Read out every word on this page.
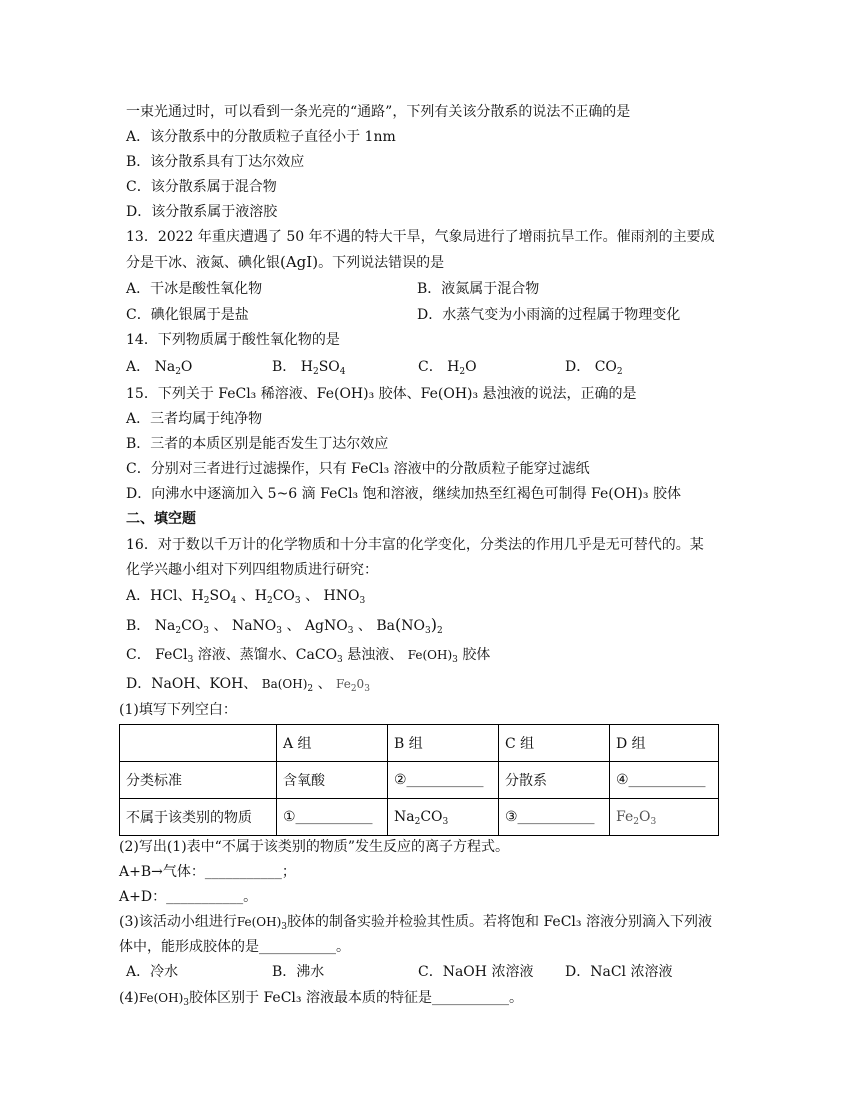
一束光通过时，可以看到一条光亮的“通路”，下列有关该分散系的说法不正确的是
A．该分散系中的分散质粒子直径小于 1nm
B．该分散系具有丁达尔效应
C．该分散系属于混合物
D．该分散系属于液溶胶
13．2022 年重庆遭遇了 50 年不遇的特大干旱，气象局进行了增雨抗旱工作。催雨剂的主要成
分是干冰、液氮、碘化银(AgI)。下列说法错误的是
A．干冰是酸性氧化物	B．液氮属于混合物
C．碘化银属于是盐	D．水蒸气变为小雨滴的过程属于物理变化
14．下列物质属于酸性氧化物的是
A． $Na_2O$	B． $H_2SO_4$	C． $H_2O$	D． $CO_2$
15．下列关于 FeCl₃ 稀溶液、Fe(OH)₃ 胶体、Fe(OH)₃ 悬浊液的说法，正确的是
A．三者均属于纯净物
B．三者的本质区别是能否发生丁达尔效应
C．分别对三者进行过滤操作，只有 FeCl₃ 溶液中的分散质粒子能穿过滤纸
D．向沸水中逐滴加入 5~6 滴 FeCl₃ 饱和溶液，继续加热至红褐色可制得 Fe(OH)₃ 胶体
二、填空题
16．对于数以千万计的化学物质和十分丰富的化学变化，分类法的作用几乎是无可替代的。某
化学兴趣小组对下列四组物质进行研究：
A．HCl、$H_2SO_4$ 、$H_2CO_3$ 、 $HNO_3$
B． $Na_2CO_3$ 、 NaNO$_3$ 、 AgNO$_3$ 、 $Ba(NO_3)_2$
C． FeCl$_3$ 溶液、蒸馏水、CaCO$_3$ 悬浊液、 $Fe(OH)_3$ 胶体
D．NaOH、KOH、 $Ba(OH)_2$ 、 $Fe_20_3$
(1)填写下列空白：
	A 组	B 组	C 组	D 组
分类标准	含氧酸	②___________	分散系	④___________
不属于该类别的物质	①___________	$Na_2CO_3$	③___________	$Fe_2O_3$
(2)写出(1)表中“不属于该类别的物质”发生反应的离子方程式。
A+B→气体：___________；
A+D：___________。
(3)该活动小组进行$Fe(OH)_3$胶体的制备实验并检验其性质。若将饱和 FeCl₃ 溶液分别滴入下列液
体中，能形成胶体的是___________。
A．冷水	B．沸水	C．NaOH 浓溶液 D．NaCl 浓溶液
$(4)Fe(OH)_3$胶体区别于 FeCl₃ 溶液最本质的特征是___________。
